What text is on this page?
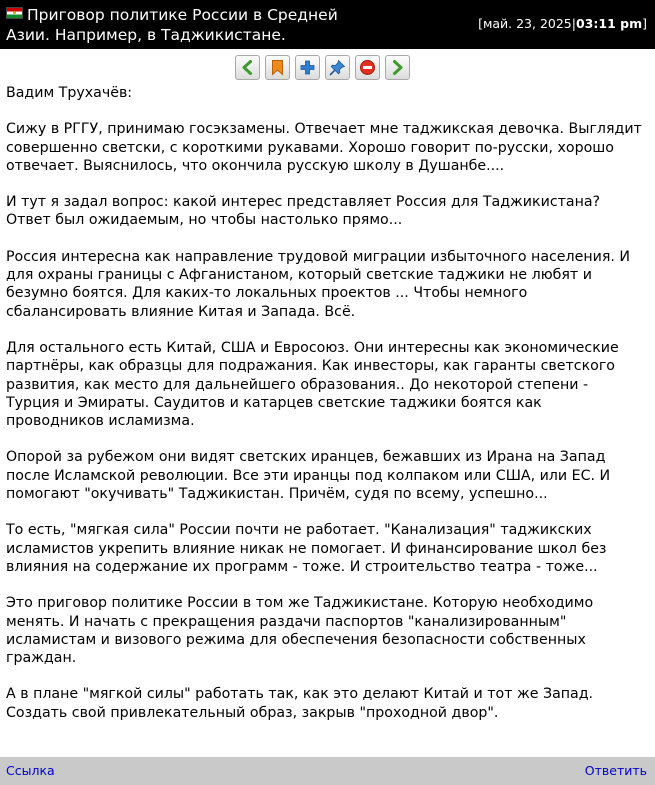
Приговор политике России в Средней Азии. Например, в Таджикистане.
[май. 23, 2025|03:11 pm]

Вадим Трухачёв:

Сижу в РГГУ, принимаю госэкзамены. Отвечает мне таджикская девочка. Выглядит совершенно светски, с короткими рукавами. Хорошо говорит по-русски, хорошо отвечает. Выяснилось, что окончила русскую школу в Душанбе....

И тут я задал вопрос: какой интерес представляет Россия для Таджикистана? Ответ был ожидаемым, но чтобы настолько прямо...

Россия интересна как направление трудовой миграции избыточного населения. И для охраны границы с Афганистаном, который светские таджики не любят и безумно боятся. Для каких-то локальных проектов ... Чтобы немного сбалансировать влияние Китая и Запада. Всё.

Для остального есть Китай, США и Евросоюз. Они интересны как экономические партнёры, как образцы для подражания. Как инвесторы, как гаранты светского развития, как место для дальнейшего образования.. До некоторой степени - Турция и Эмираты. Саудитов и катарцев светские таджики боятся как проводников исламизма.

Опорой за рубежом они видят светских иранцев, бежавших из Ирана на Запад после Исламской революции. Все эти иранцы под колпаком или США, или ЕС. И помогают "окучивать" Таджикистан. Причём, судя по всему, успешно...

То есть, "мягкая сила" России почти не работает. "Канализация" таджикских исламистов укрепить влияние никак не помогает. И финансирование школ без влияния на содержание их программ - тоже. И строительство театра - тоже...

Это приговор политике России в том же Таджикистане. Которую необходимо менять. И начать с прекращения раздачи паспортов "канализированным" исламистам и визового режима для обеспечения безопасности собственных граждан.

А в плане "мягкой силы" работать так, как это делают Китай и тот же Запад. Создать свой привлекательный образ, закрыв "проходной двор".

Ссылка	Ответить
